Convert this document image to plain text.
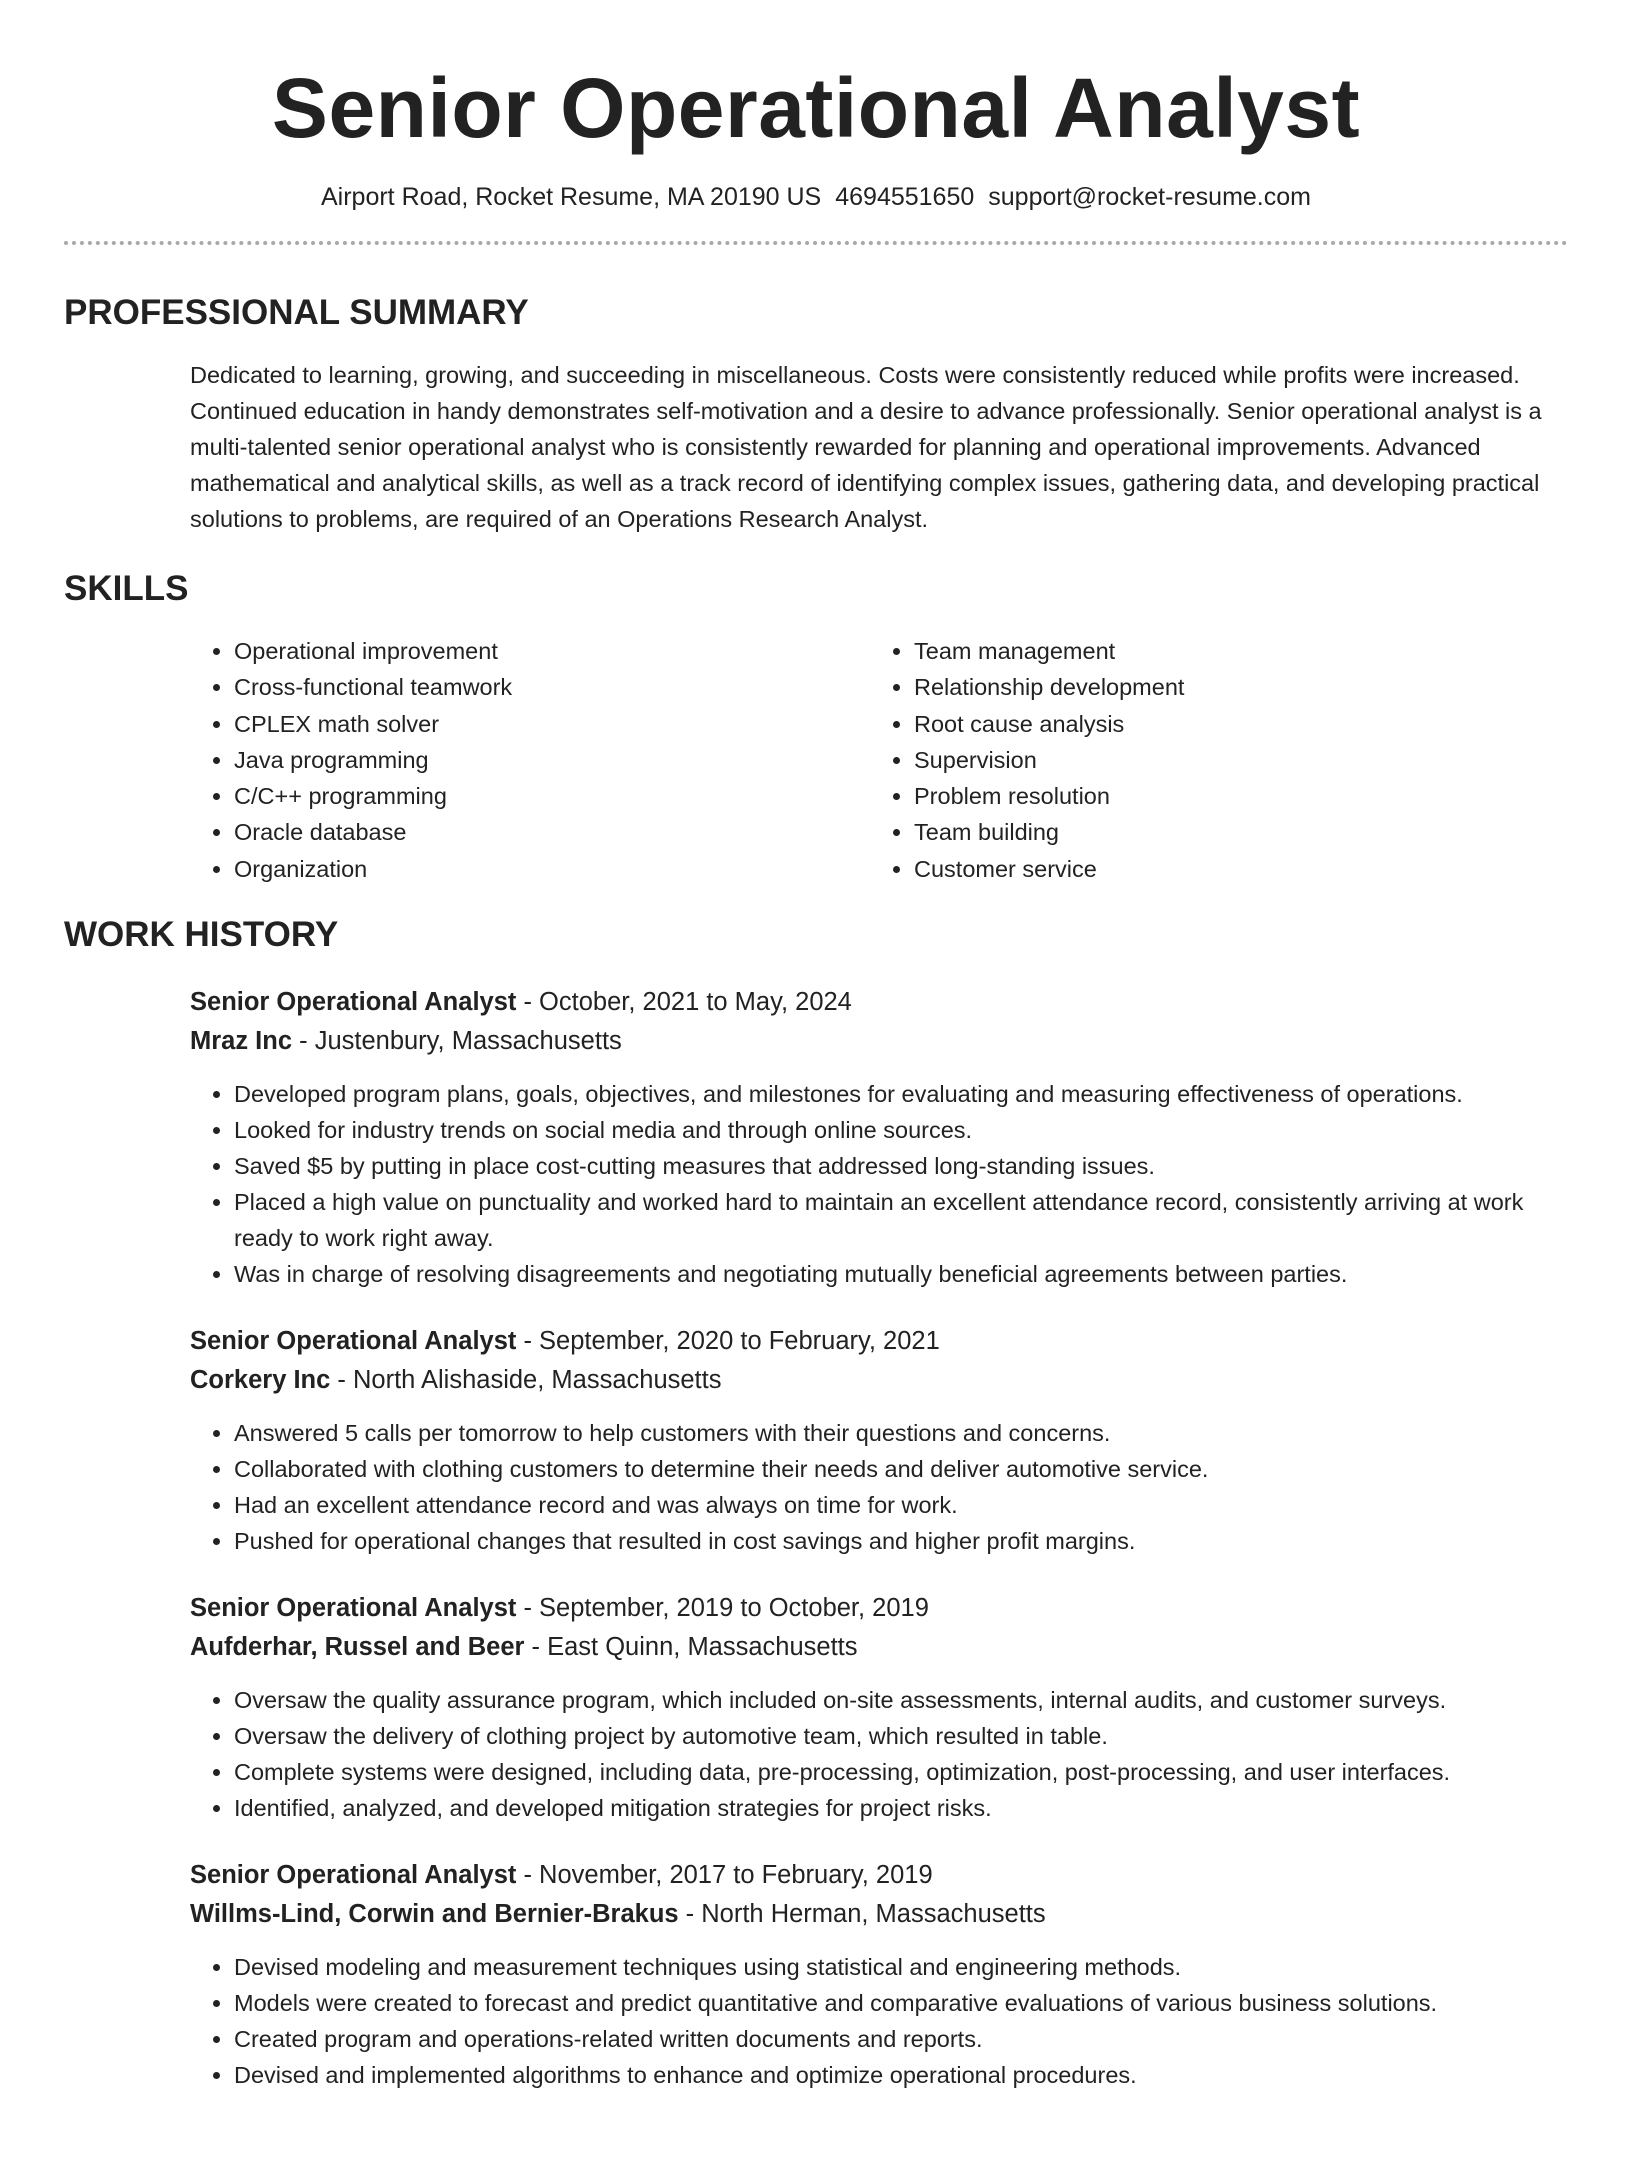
Senior Operational Analyst
Airport Road, Rocket Resume, MA 20190 US 4694551650 support@rocket-resume.com
PROFESSIONAL SUMMARY
Dedicated to learning, growing, and succeeding in miscellaneous. Costs were consistently reduced while profits were increased. Continued education in handy demonstrates self-motivation and a desire to advance professionally. Senior operational analyst is a multi-talented senior operational analyst who is consistently rewarded for planning and operational improvements. Advanced mathematical and analytical skills, as well as a track record of identifying complex issues, gathering data, and developing practical solutions to problems, are required of an Operations Research Analyst.
SKILLS
• Operational improvement
• Cross-functional teamwork
• CPLEX math solver
• Java programming
• C/C++ programming
• Oracle database
• Organization
• Team management
• Relationship development
• Root cause analysis
• Supervision
• Problem resolution
• Team building
• Customer service
WORK HISTORY
Senior Operational Analyst - October, 2021 to May, 2024
Mraz Inc - Justenbury, Massachusetts
• Developed program plans, goals, objectives, and milestones for evaluating and measuring effectiveness of operations.
• Looked for industry trends on social media and through online sources.
• Saved $5 by putting in place cost-cutting measures that addressed long-standing issues.
• Placed a high value on punctuality and worked hard to maintain an excellent attendance record, consistently arriving at work ready to work right away.
• Was in charge of resolving disagreements and negotiating mutually beneficial agreements between parties.
Senior Operational Analyst - September, 2020 to February, 2021
Corkery Inc - North Alishaside, Massachusetts
• Answered 5 calls per tomorrow to help customers with their questions and concerns.
• Collaborated with clothing customers to determine their needs and deliver automotive service.
• Had an excellent attendance record and was always on time for work.
• Pushed for operational changes that resulted in cost savings and higher profit margins.
Senior Operational Analyst - September, 2019 to October, 2019
Aufderhar, Russel and Beer - East Quinn, Massachusetts
• Oversaw the quality assurance program, which included on-site assessments, internal audits, and customer surveys.
• Oversaw the delivery of clothing project by automotive team, which resulted in table.
• Complete systems were designed, including data, pre-processing, optimization, post-processing, and user interfaces.
• Identified, analyzed, and developed mitigation strategies for project risks.
Senior Operational Analyst - November, 2017 to February, 2019
Willms-Lind, Corwin and Bernier-Brakus - North Herman, Massachusetts
• Devised modeling and measurement techniques using statistical and engineering methods.
• Models were created to forecast and predict quantitative and comparative evaluations of various business solutions.
• Created program and operations-related written documents and reports.
• Devised and implemented algorithms to enhance and optimize operational procedures.
